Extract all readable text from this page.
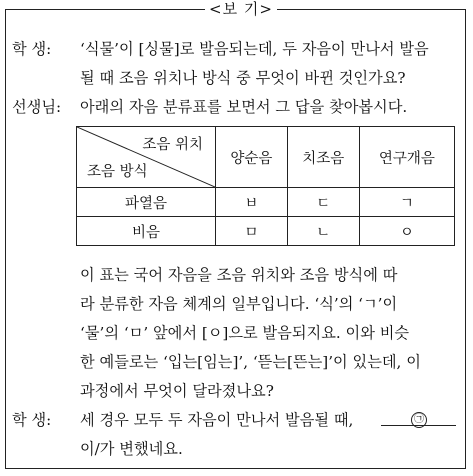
<보 기>
학 생: ‘식물’이 [싱물]로 발음되는데, 두 자음이 만나서 발음
될 때 조음 위치나 방식 중 무엇이 바뀐 것인가요?
선생님: 아래의 자음 분류표를 보면서 그 답을 찾아봅시다.
조음 위치
조음 방식	양순음	치조음	연구개음
파열음	ㅂ	ㄷ	ㄱ
비음	ㅁ	ㄴ	ㅇ
이 표는 국어 자음을 조음 위치와 조음 방식에 따
라 분류한 자음 체계의 일부입니다. ‘식’의 ‘ㄱ’이
‘물’의 ‘ㅁ’ 앞에서 [ㅇ]으로 발음되지요. 이와 비슷
한 예들로는 ‘입는[임는]’, ‘뜯는[뜬는]’이 있는데, 이
과정에서 무엇이 달라졌나요?
학 생: 세 경우 모두 두 자음이 만나서 발음될 때,	㉠
이/가 변했네요.
